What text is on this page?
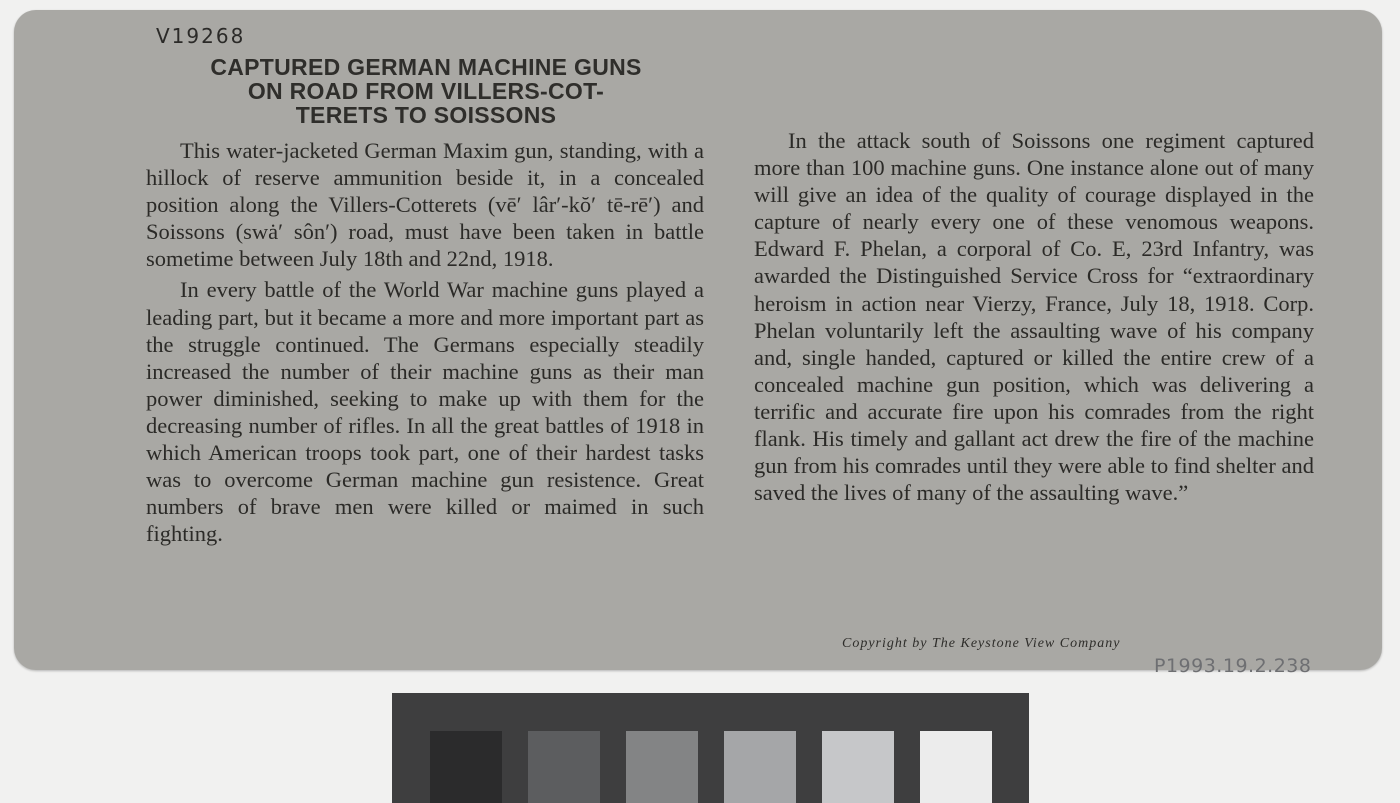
V19268
CAPTURED GERMAN MACHINE GUNS
ON ROAD FROM VILLERS-COT-
TERETS TO SOISSONS

This water-jacketed German Maxim gun, standing, with a hillock of reserve ammunition beside it, in a concealed position along the Villers-Cotterets (vē′ lâr′-kŏ′ tē-rē′) and Soissons (swȧ′ sôn′) road, must have been taken in battle sometime between July 18th and 22nd, 1918.

In every battle of the World War machine guns played a leading part, but it became a more and more important part as the struggle continued. The Germans especially steadily increased the number of their machine guns as their man power diminished, seeking to make up with them for the decreasing number of rifles. In all the great battles of 1918 in which American troops took part, one of their hardest tasks was to overcome German machine gun resistence. Great numbers of brave men were killed or maimed in such fighting.

In the attack south of Soissons one regiment captured more than 100 machine guns. One instance alone out of many will give an idea of the quality of courage displayed in the capture of nearly every one of these venomous weapons. Edward F. Phelan, a corporal of Co. E, 23rd Infantry, was awarded the Distinguished Service Cross for “extraordinary heroism in action near Vierzy, France, July 18, 1918. Corp. Phelan voluntarily left the assaulting wave of his company and, single handed, captured or killed the entire crew of a concealed machine gun position, which was delivering a terrific and accurate fire upon his comrades from the right flank. His timely and gallant act drew the fire of the machine gun from his comrades until they were able to find shelter and saved the lives of many of the assaulting wave.”

Copyright by The Keystone View Company
P1993.19.2.238
